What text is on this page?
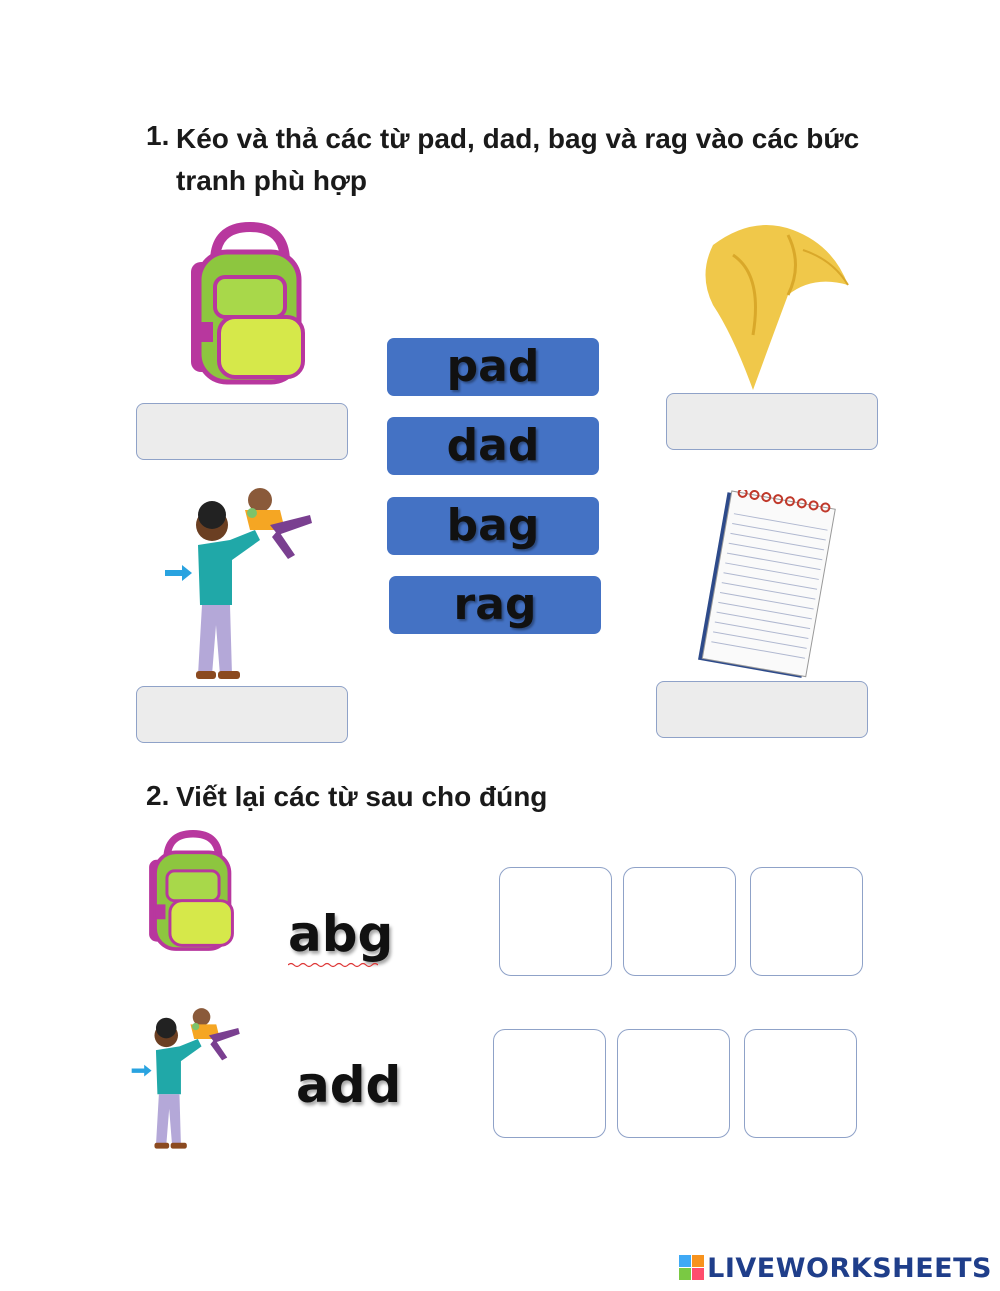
1. Kéo và thả các từ pad, dad, bag và rag vào các bức
tranh phù hợp
pad
dad
bag
rag
2. Viết lại các từ sau cho đúng
abg
add
LIVEWORKSHEETS
